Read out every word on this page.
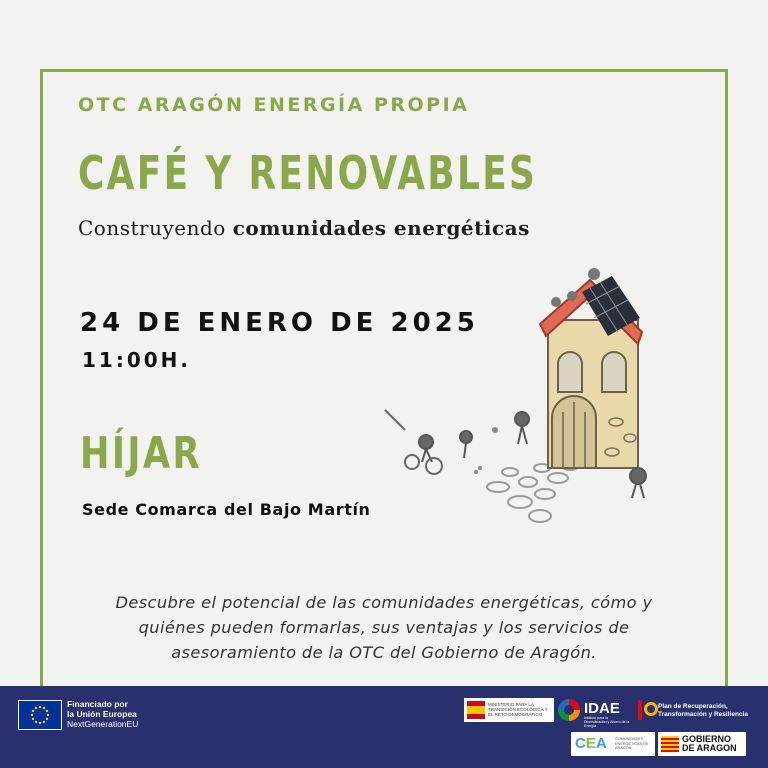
OTC ARAGÓN ENERGÍA PROPIA
CAFÉ Y RENOVABLES
Construyendo comunidades energéticas
24 DE ENERO DE 2025
11:00H.
HÍJAR
Sede Comarca del Bajo Martín
Descubre el potencial de las comunidades energéticas, cómo y
quiénes pueden formarlas, sus ventajas y los servicios de
asesoramiento de la OTC del Gobierno de Aragón.
Financiado por
la Unión Europea
NextGenerationEU
MINISTERIO PARA LA TRANSICIÓN ECOLÓGICA Y EL RETO DEMOGRÁFICO	IDAE
Instituto para la Diversificación y Ahorro de la Energía
Plan de Recuperación,
Transformación y Resiliencia
CEA COMUNIDADES ENERGÉTICAS DE ARAGÓN
GOBIERNO
DE ARAGON
